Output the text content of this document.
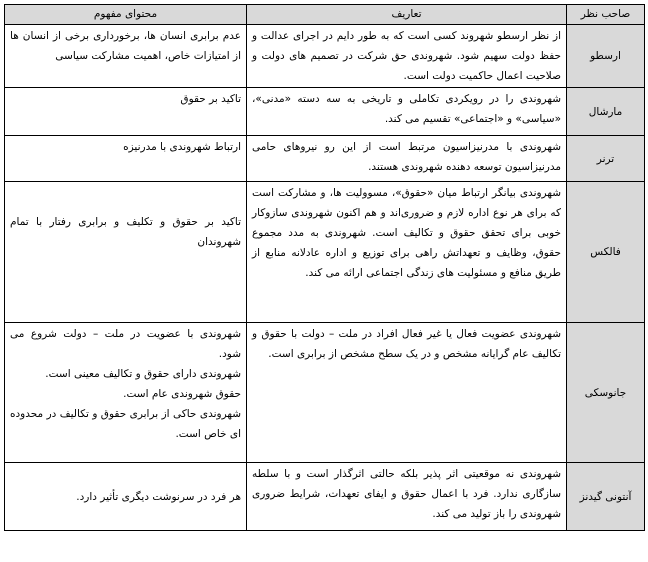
صاحب نظر	تعاریف	محتوای مفهوم
ارسطو	از نظر ارسطو شهروند کسی است که به طور دایم در اجرای عدالت و حفظ دولت سهیم شود. شهروندی حق شرکت در تصمیم های دولت و صلاحیت اعمال حاکمیت دولت است.	عدم برابری انسان ها، برخورداری برخی از انسان ها از امتیازات خاص، اهمیت مشارکت سیاسی

مارشال	شهروندی را در رویکردی تکاملی و تاریخی به سه دسته «مدنی»، «سیاسی» و «اجتماعی» تقسیم می کند.	تاکید بر حقوق

ترنر	شهروندی با مدرنیزاسیون مرتبط است از این رو نیروهای حامی مدرنیزاسیون توسعه دهنده شهروندی هستند.	ارتباط شهروندی با مدرنیزه

فالکس	شهروندی بیانگر ارتباط میان «حقوق»، مسوولیت ها، و مشارکت است که برای هر نوع اداره لازم و ضروری‌اند و هم اکنون شهروندی سازوکار خوبی برای تحقق حقوق و تکالیف است. شهروندی به مدد مجموع حقوق، وظایف و تعهداتش راهی برای توزیع و اداره عادلانه منابع از طریق منافع و مسئولیت های زندگی اجتماعی ارائه می کند.	تاکید بر حقوق و تکلیف و برابری رفتار با تمام شهروندان

جانوسکی	شهروندی عضویت فعال یا غیر فعال افراد در ملت – دولت با حقوق و تکالیف عام گرایانه مشخص و در یک سطح مشخص از برابری است.	شهروندی با عضویت در ملت – دولت شروع می شود.
شهروندی دارای حقوق و تکالیف معینی است.
حقوق شهروندی عام است.
شهروندی حاکی از برابری حقوق و تکالیف در محدوده ای خاص است.

آنتونی گیدنز	شهروندی نه موقعیتی اثر پذیر بلکه حالتی اثرگذار است و با سلطه سازگاری ندارد. فرد با اعمال حقوق و ایفای تعهدات، شرایط ضروری شهروندی را باز تولید می کند.	هر فرد در سرنوشت دیگری تأثیر دارد.
